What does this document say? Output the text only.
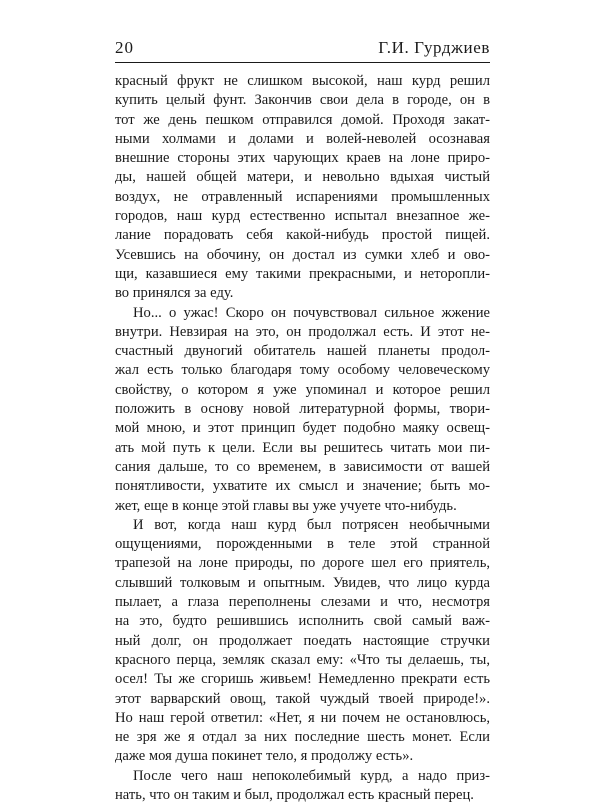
20	Г.И. Гурджиев
красный фрукт не слишком высокой, наш курд решил
купить целый фунт. Закончив свои дела в городе, он в
тот же день пешком отправился домой. Проходя закат-
ными холмами и долами и волей-неволей осознавая
внешние стороны этих чарующих краев на лоне приро-
ды, нашей общей матери, и невольно вдыхая чистый
воздух, не отравленный испарениями промышленных
городов, наш курд естественно испытал внезапное же-
лание порадовать себя какой-нибудь простой пищей.
Усевшись на обочину, он достал из сумки хлеб и ово-
щи, казавшиеся ему такими прекрасными, и неторопли-
во принялся за еду.
Но... о ужас! Скоро он почувствовал сильное жжение
внутри. Невзирая на это, он продолжал есть. И этот не-
счастный двуногий обитатель нашей планеты продол-
жал есть только благодаря тому особому человеческому
свойству, о котором я уже упоминал и которое решил
положить в основу новой литературной формы, твори-
мой мною, и этот принцип будет подобно маяку освещ-
ать мой путь к цели. Если вы решитесь читать мои пи-
сания дальше, то со временем, в зависимости от вашей
понятливости, ухватите их смысл и значение; быть мо-
жет, еще в конце этой главы вы уже учуете что-нибудь.
И вот, когда наш курд был потрясен необычными
ощущениями, порожденными в теле этой странной
трапезой на лоне природы, по дороге шел его приятель,
слывший толковым и опытным. Увидев, что лицо курда
пылает, а глаза переполнены слезами и что, несмотря
на это, будто решившись исполнить свой самый важ-
ный долг, он продолжает поедать настоящие стручки
красного перца, земляк сказал ему: «Что ты делаешь, ты,
осел! Ты же сгоришь живьем! Немедленно прекрати есть
этот варварский овощ, такой чуждый твоей природе!».
Но наш герой ответил: «Нет, я ни почем не остановлюсь,
не зря же я отдал за них последние шесть монет. Если
даже моя душа покинет тело, я продолжу есть».
После чего наш непоколебимый курд, а надо приз-
нать, что он таким и был, продолжал есть красный перец.
